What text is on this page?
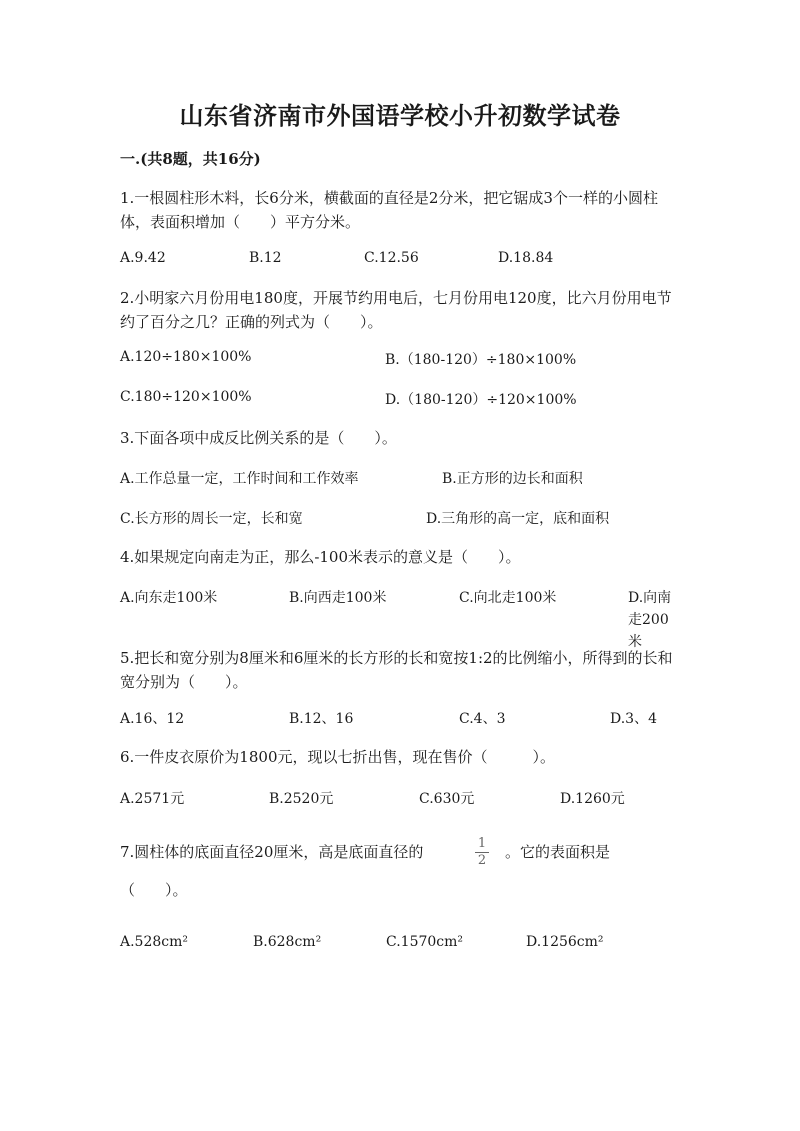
山东省济南市外国语学校小升初数学试卷
一.(共8题，共16分)
1.一根圆柱形木料，长6分米，横截面的直径是2分米，把它锯成3个一样的小圆柱体，表面积增加（　　）平方分米。
A.9.42	B.12	C.12.56	D.18.84
2.小明家六月份用电180度，开展节约用电后，七月份用电120度，比六月份用电节约了百分之几？正确的列式为（　　）。
A.120÷180×100%	B.（180-120）÷180×100%
C.180÷120×100%	D.（180-120）÷120×100%
3.下面各项中成反比例关系的是（　　）。
A.工作总量一定，工作时间和工作效率	B.正方形的边长和面积
C.长方形的周长一定，长和宽	D.三角形的高一定，底和面积
4.如果规定向南走为正，那么-100米表示的意义是（　　）。
A.向东走100米	B.向西走100米	C.向北走100米	D.向南走200米
5.把长和宽分别为8厘米和6厘米的长方形的长和宽按1:2的比例缩小，所得到的长和宽分别为（　　）。
A.16、12	B.12、16	C.4、3	D.3、4
6.一件皮衣原价为1800元，现以七折出售，现在售价（　　　）。
A.2571元	B.2520元	C.630元	D.1260元
7.圆柱体的底面直径20厘米，高是底面直径的	1
2 。它的表面积是
（　　）。
A.528cm²	B.628cm²	C.1570cm²	D.1256cm²
